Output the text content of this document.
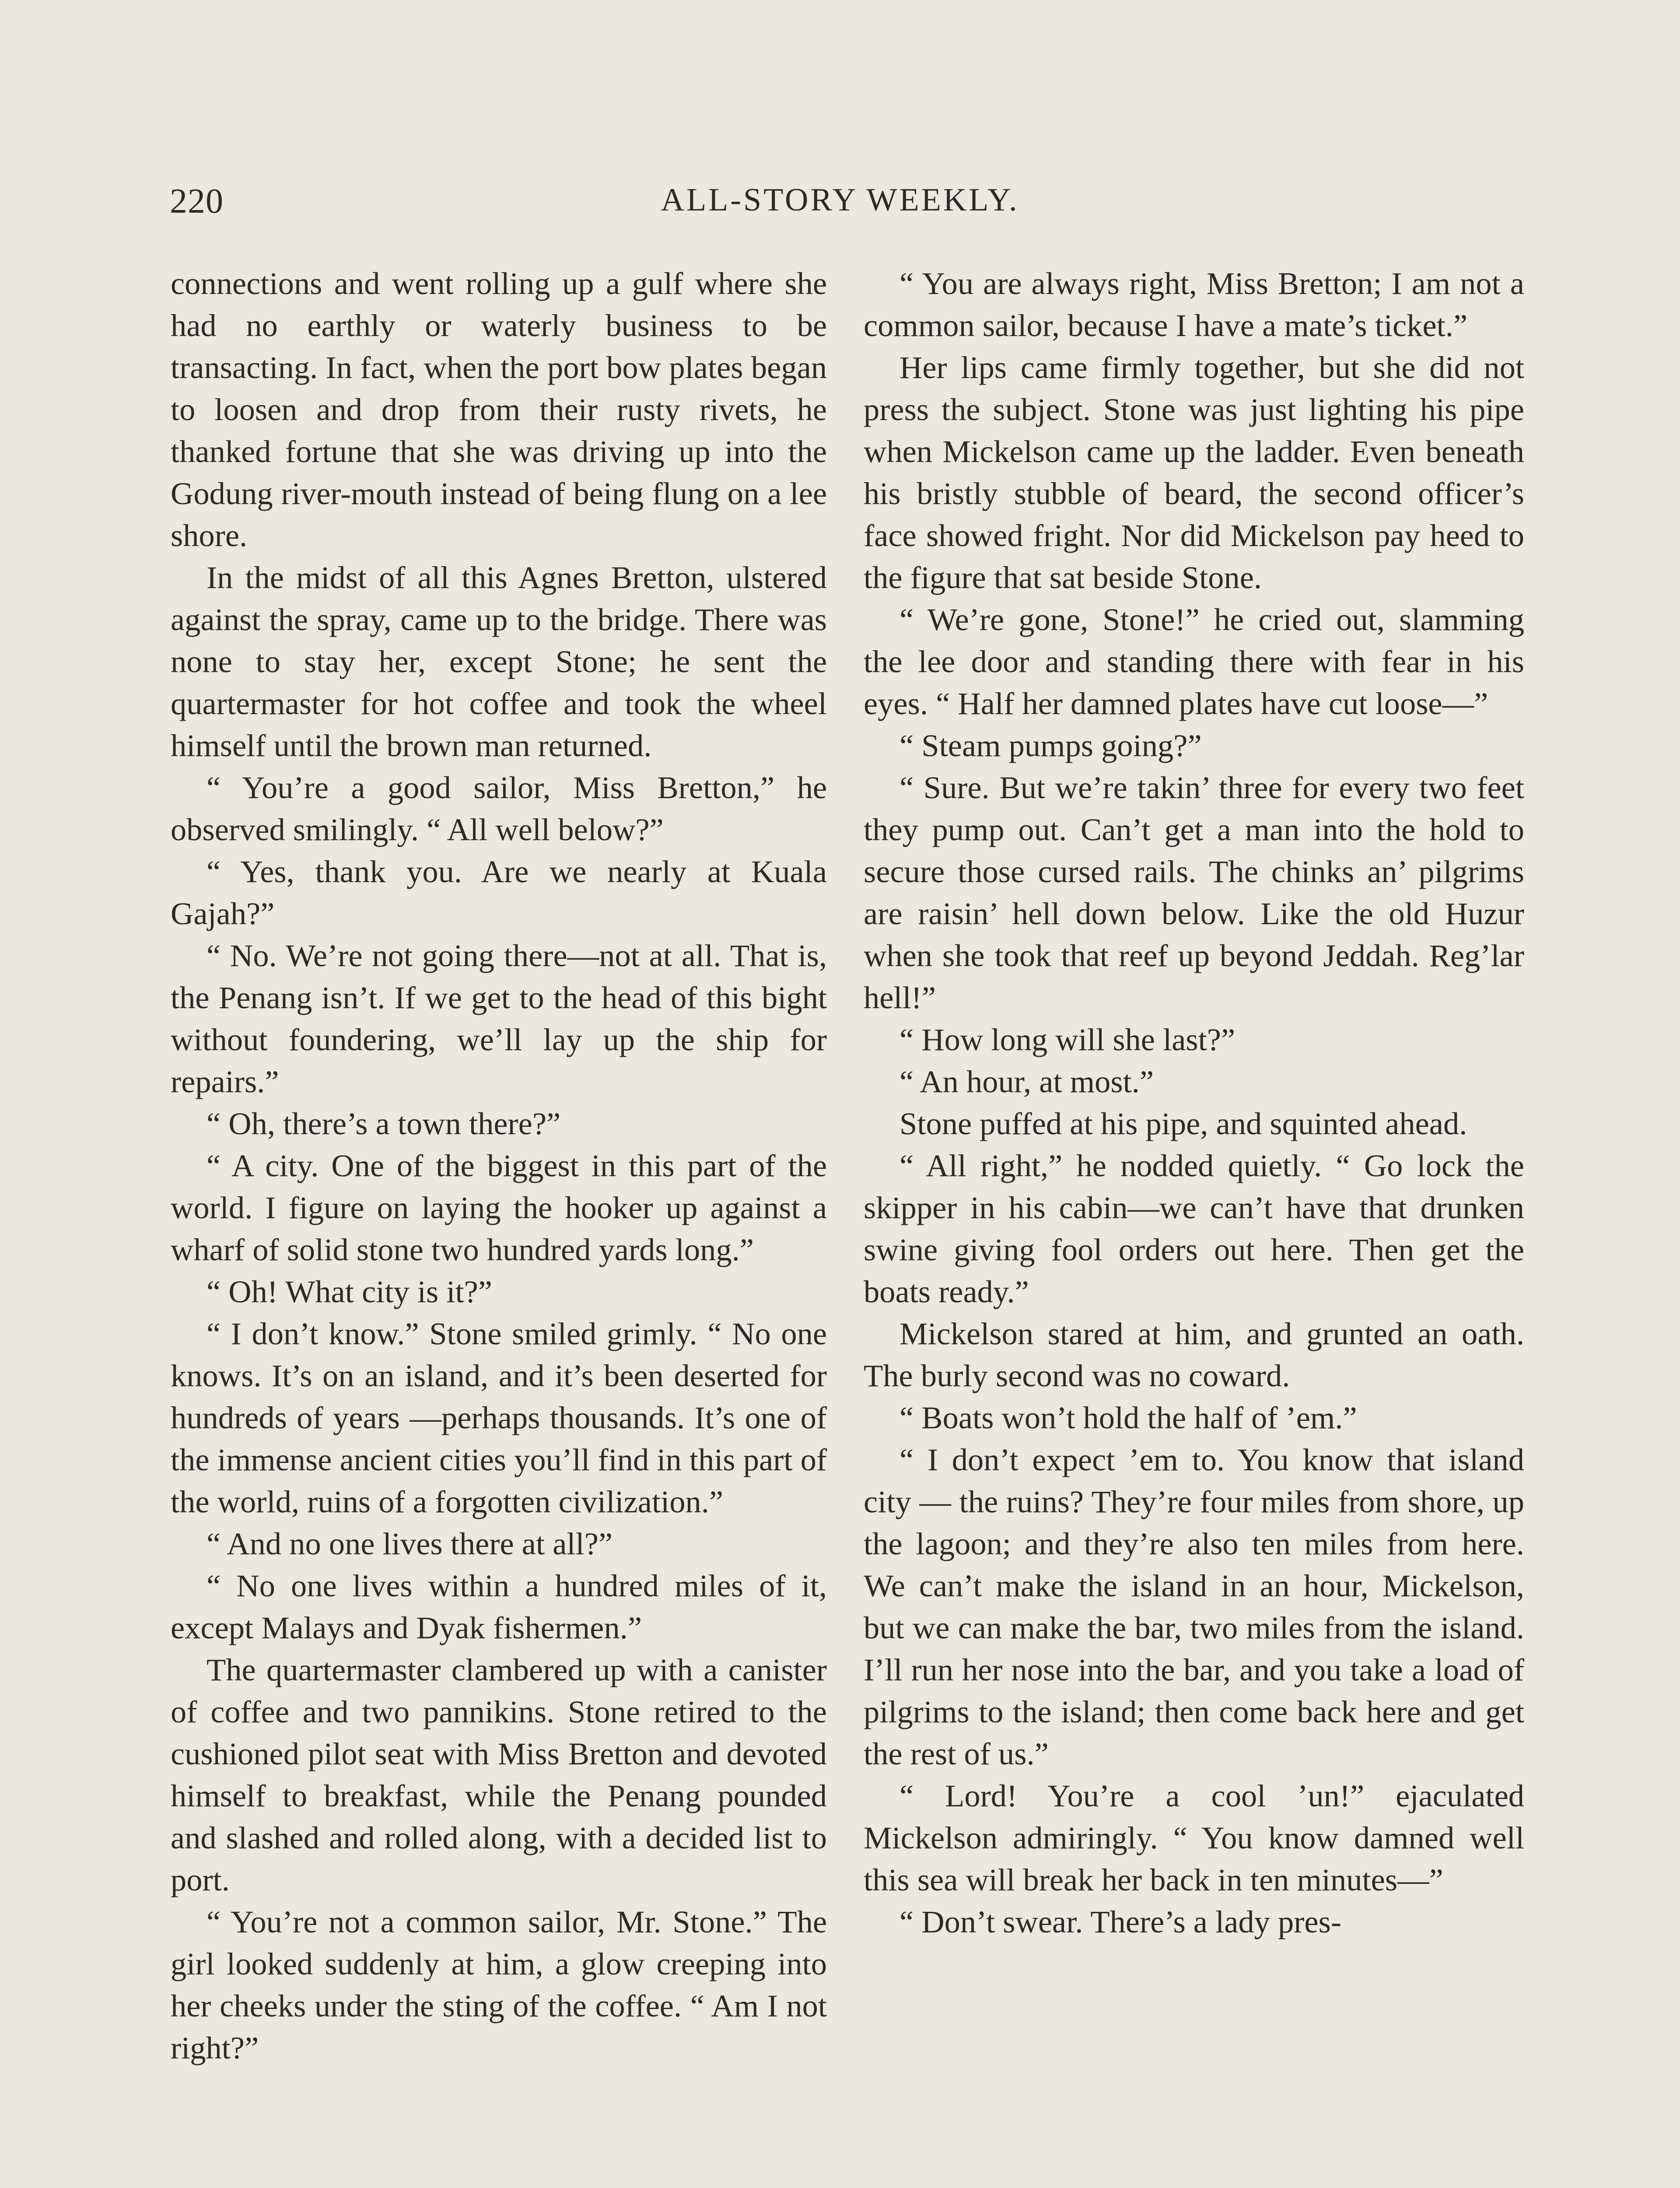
220	ALL-STORY WEEKLY.

connections and went rolling up a gulf where she had no earthly or waterly business to be transacting. In fact, when the port bow plates began to loosen and drop from their rusty rivets, he thanked fortune that she was driving up into the Godung river-mouth instead of being flung on a lee shore.

In the midst of all this Agnes Bretton, ulstered against the spray, came up to the bridge. There was none to stay her, except Stone; he sent the quartermaster for hot coffee and took the wheel himself until the brown man returned.

“ You’re a good sailor, Miss Bretton,” he observed smilingly. “ All well below?”

“ Yes, thank you. Are we nearly at Kuala Gajah?”

“ No. We’re not going there—not at all. That is, the Penang isn’t. If we get to the head of this bight without foundering, we’ll lay up the ship for repairs.”

“ Oh, there’s a town there?”

“ A city. One of the biggest in this part of the world. I figure on laying the hooker up against a wharf of solid stone two hundred yards long.”

“ Oh! What city is it?”

“ I don’t know.” Stone smiled grimly. “ No one knows. It’s on an island, and it’s been deserted for hundreds of years —perhaps thousands. It’s one of the immense ancient cities you’ll find in this part of the world, ruins of a forgotten civilization.”

“ And no one lives there at all?”

“ No one lives within a hundred miles of it, except Malays and Dyak fishermen.”

The quartermaster clambered up with a canister of coffee and two pannikins. Stone retired to the cushioned pilot seat with Miss Bretton and devoted himself to breakfast, while the Penang pounded and slashed and rolled along, with a decided list to port.

“ You’re not a common sailor, Mr. Stone.” The girl looked suddenly at him, a glow creeping into her cheeks under the sting of the coffee. “ Am I not right?”

“ You are always right, Miss Bretton; I am not a common sailor, because I have a mate’s ticket.”

Her lips came firmly together, but she did not press the subject. Stone was just lighting his pipe when Mickelson came up the ladder. Even beneath his bristly stubble of beard, the second officer’s face showed fright. Nor did Mickelson pay heed to the figure that sat beside Stone.

“ We’re gone, Stone!” he cried out, slamming the lee door and standing there with fear in his eyes. “ Half her damned plates have cut loose—”

“ Steam pumps going?”

“ Sure. But we’re takin’ three for every two feet they pump out. Can’t get a man into the hold to secure those cursed rails. The chinks an’ pilgrims are raisin’ hell down below. Like the old Huzur when she took that reef up beyond Jeddah. Reg’lar hell!”

“ How long will she last?”

“ An hour, at most.”

Stone puffed at his pipe, and squinted ahead.

“ All right,” he nodded quietly. “ Go lock the skipper in his cabin—we can’t have that drunken swine giving fool orders out here. Then get the boats ready.”

Mickelson stared at him, and grunted an oath. The burly second was no coward.

“ Boats won’t hold the half of ’em.”

“ I don’t expect ’em to. You know that island city — the ruins? They’re four miles from shore, up the lagoon; and they’re also ten miles from here. We can’t make the island in an hour, Mickelson, but we can make the bar, two miles from the island. I’ll run her nose into the bar, and you take a load of pilgrims to the island; then come back here and get the rest of us.”

“ Lord! You’re a cool ’un!” ejaculated Mickelson admiringly. “ You know damned well this sea will break her back in ten minutes—”

“ Don’t swear. There’s a lady pres-
